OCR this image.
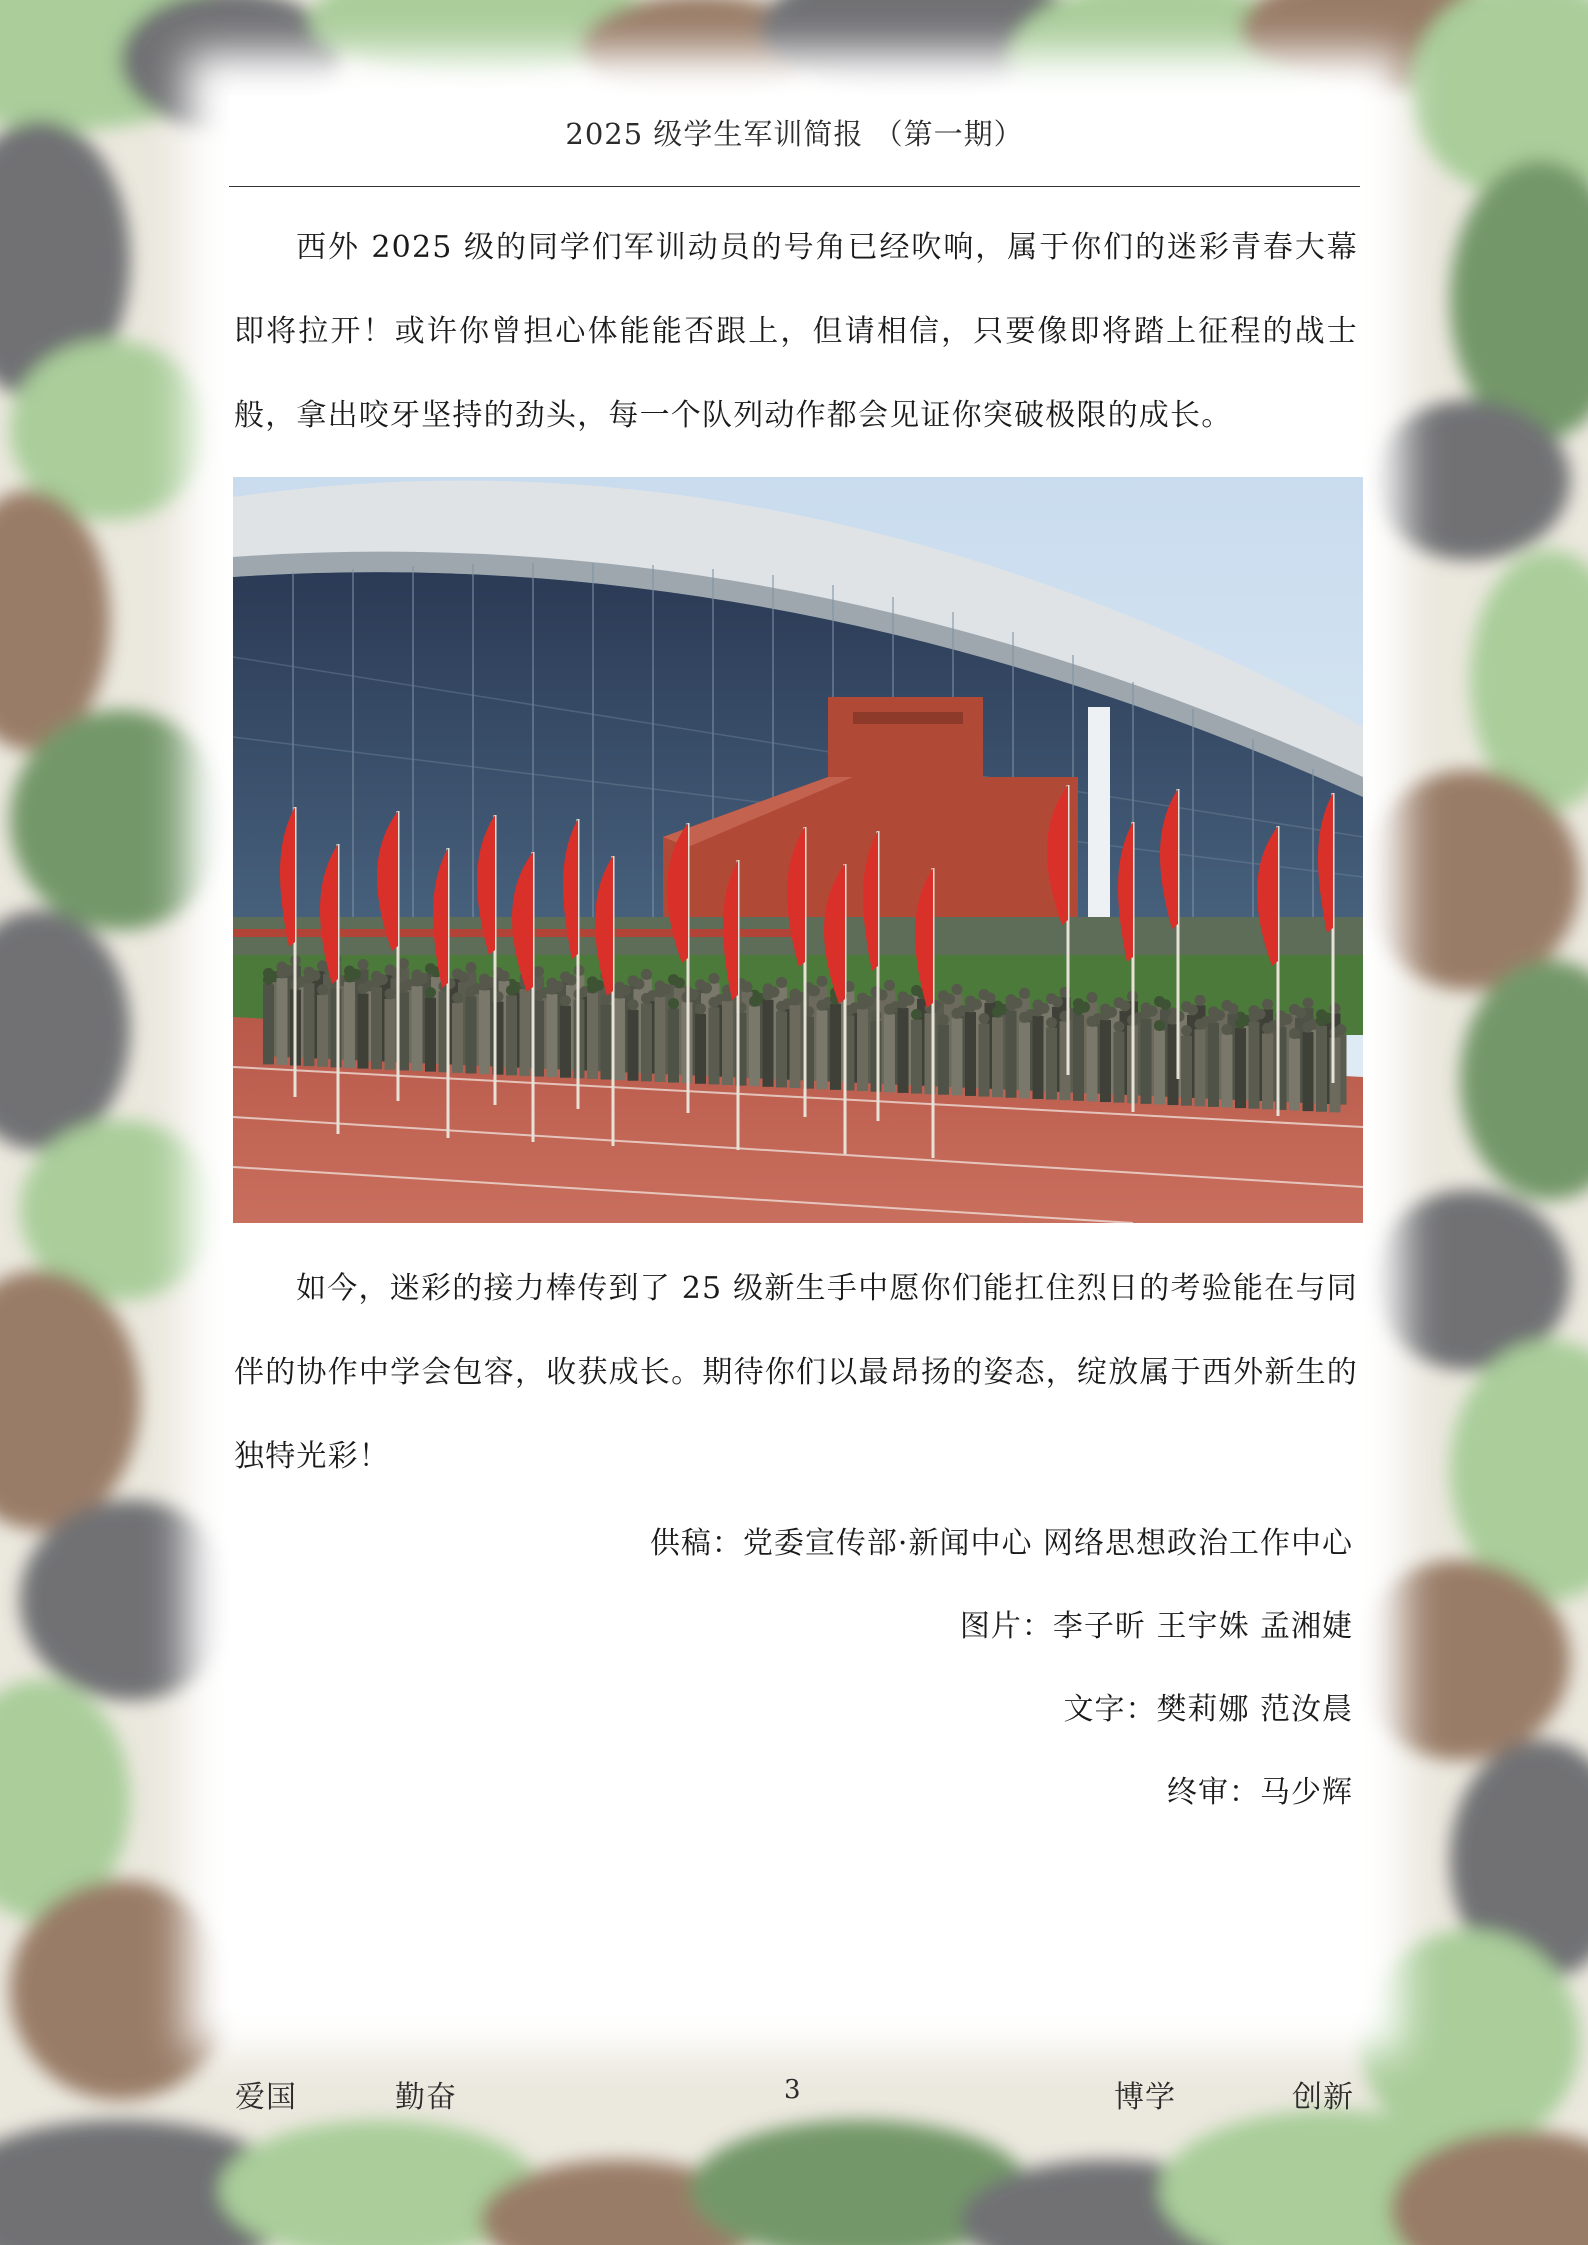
2025 级学生军训简报 （第一期）

西外 2025 级的同学们军训动员的号角已经吹响，属于你们的迷彩青春大幕即将拉开！或许你曾担心体能能否跟上，但请相信，只要像即将踏上征程的战士般，拿出咬牙坚持的劲头，每一个队列动作都会见证你突破极限的成长。

如今，迷彩的接力棒传到了 25 级新生手中愿你们能扛住烈日的考验能在与同伴的协作中学会包容，收获成长。期待你们以最昂扬的姿态，绽放属于西外新生的独特光彩！

供稿：党委宣传部·新闻中心 网络思想政治工作中心
图片：李子昕 王宇姝 孟湘婕
文字：樊莉娜 范汝晨
终审：马少辉
爱国	勤奋	3	博学	创新
